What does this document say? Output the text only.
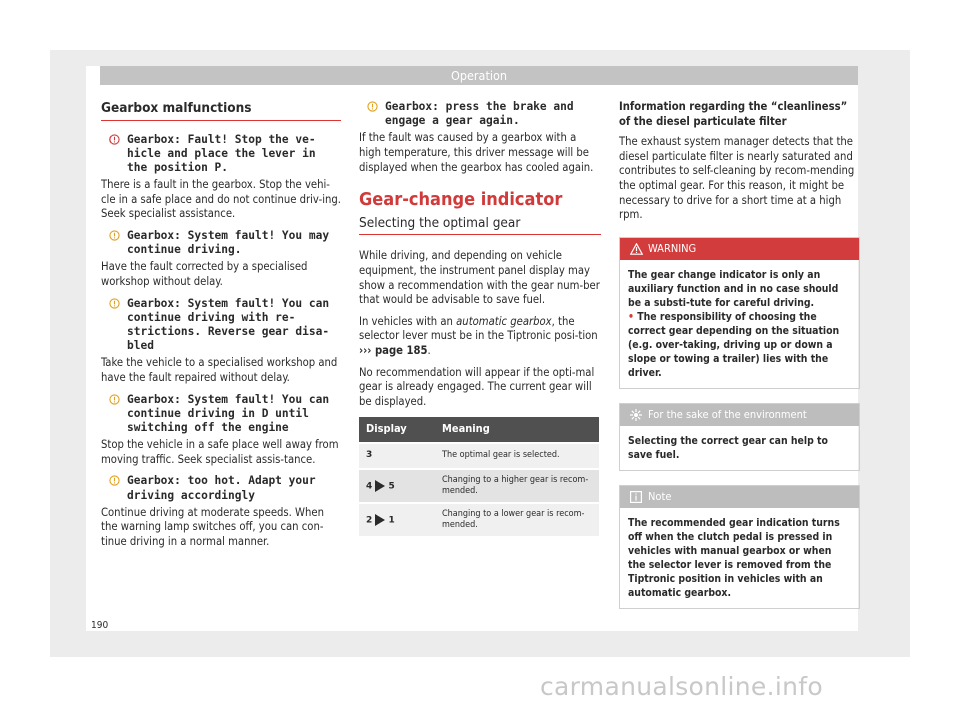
Operation
Gearbox malfunctions
Gearbox: Fault! Stop the ve-hicle and place the lever in the position P.

There is a fault in the gearbox. Stop the vehi-cle in a safe place and do not continue driv-ing. Seek specialist assistance.

Gearbox: System fault! You may continue driving.

Have the fault corrected by a specialised workshop without delay.

Gearbox: System fault! You can continue driving with re-strictions. Reverse gear disa-bled

Take the vehicle to a specialised workshop and have the fault repaired without delay.

Gearbox: System fault! You can continue driving in D until switching off the engine

Stop the vehicle in a safe place well away from moving traffic. Seek specialist assis-tance.

Gearbox: too hot. Adapt your driving accordingly

Continue driving at moderate speeds. When the warning lamp switches off, you can con-tinue driving in a normal manner.

Gearbox: press the brake and engage a gear again.

If the fault was caused by a gearbox with a high temperature, this driver message will be displayed when the gearbox has cooled again.

Gear-change indicator
Selecting the optimal gear

While driving, and depending on vehicle equipment, the instrument panel display may show a recommendation with the gear num-ber that would be advisable to save fuel.

In vehicles with an automatic gearbox, the selector lever must be in the Tiptronic posi-tion ››› page 185.

No recommendation will appear if the opti-mal gear is already engaged. The current gear will be displayed.

Display	Meaning
3	The optimal gear is selected.
4 5	Changing to a higher gear is recom-mended.
2 1	Changing to a lower gear is recom-mended.
Information regarding the “cleanliness” of the diesel particulate filter

The exhaust system manager detects that the diesel particulate filter is nearly saturated and contributes to self-cleaning by recom-mending the optimal gear. For this reason, it might be necessary to drive for a short time at a high rpm.

WARNING
The gear change indicator is only an auxiliary function and in no case should be a substi-tute for careful driving.
• The responsibility of choosing the correct gear depending on the situation (e.g. over-taking, driving up or down a slope or towing a trailer) lies with the driver.
For the sake of the environment
Selecting the correct gear can help to save fuel.
Note
The recommended gear indication turns off when the clutch pedal is pressed in vehicles with manual gearbox or when the selector lever is removed from the Tiptronic position in vehicles with an automatic gearbox.
190
carmanualsonline.info
